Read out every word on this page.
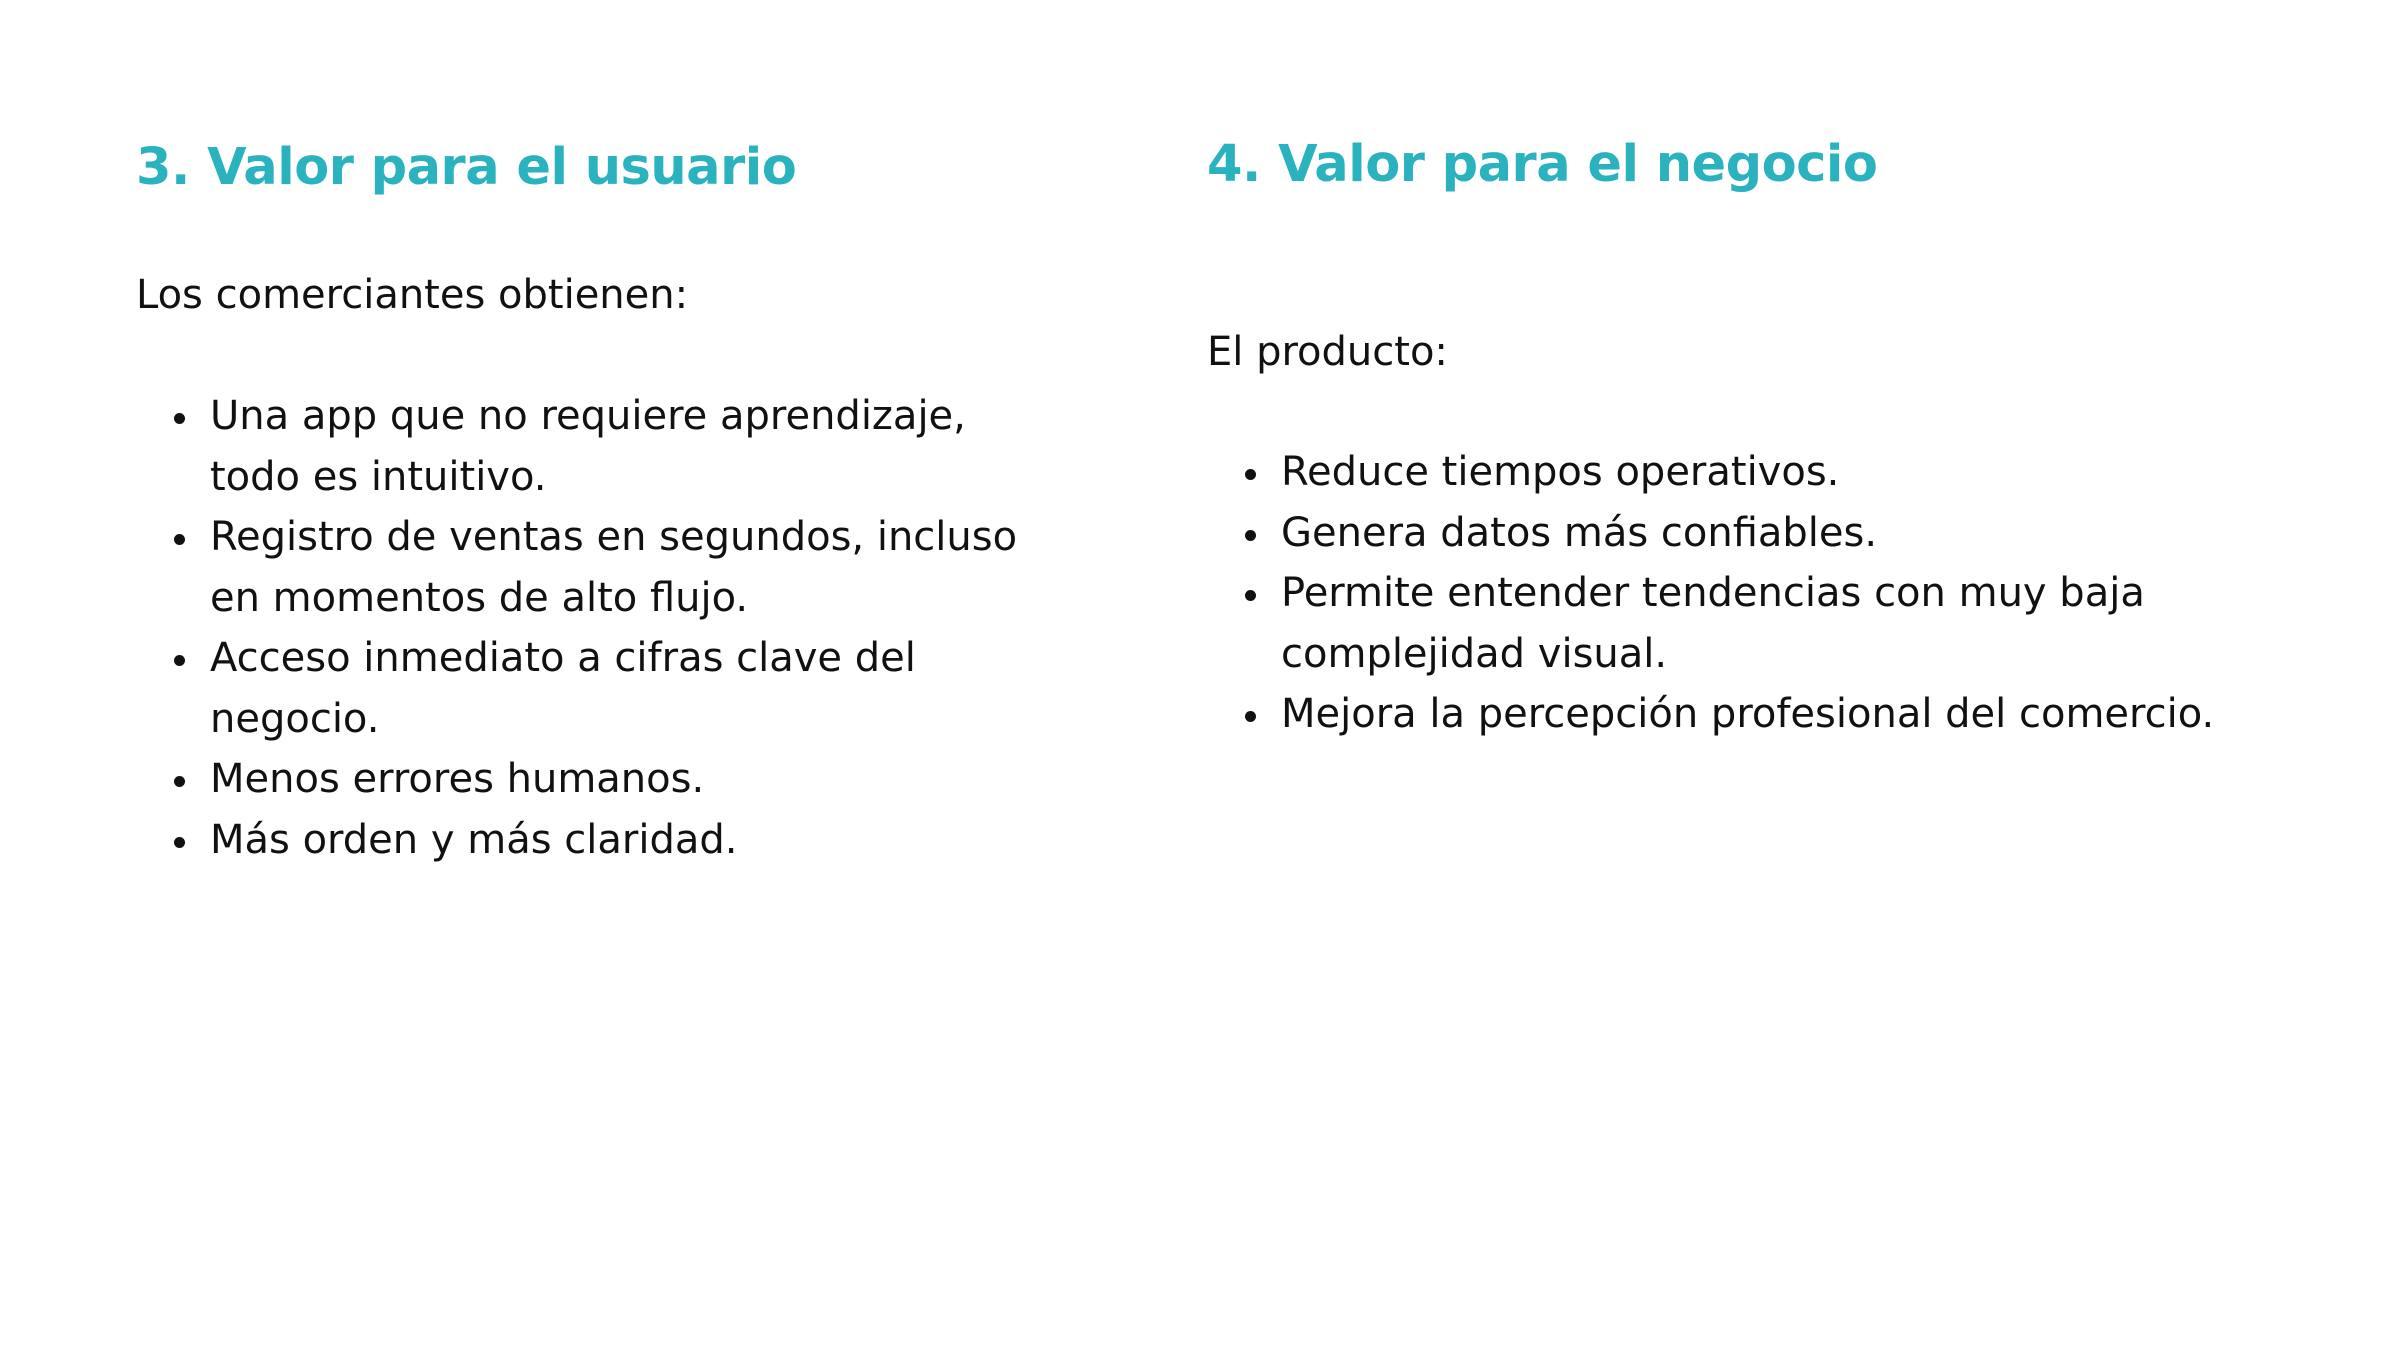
3. Valor para el usuario

Los comerciantes obtienen:

Una app que no requiere aprendizaje, todo es intuitivo.
Registro de ventas en segundos, incluso en momentos de alto flujo.
Acceso inmediato a cifras clave del negocio.
Menos errores humanos.
Más orden y más claridad.
4. Valor para el negocio

El producto:

Reduce tiempos operativos.
Genera datos más confiables.
Permite entender tendencias con muy baja complejidad visual.
Mejora la percepción profesional del comercio.
